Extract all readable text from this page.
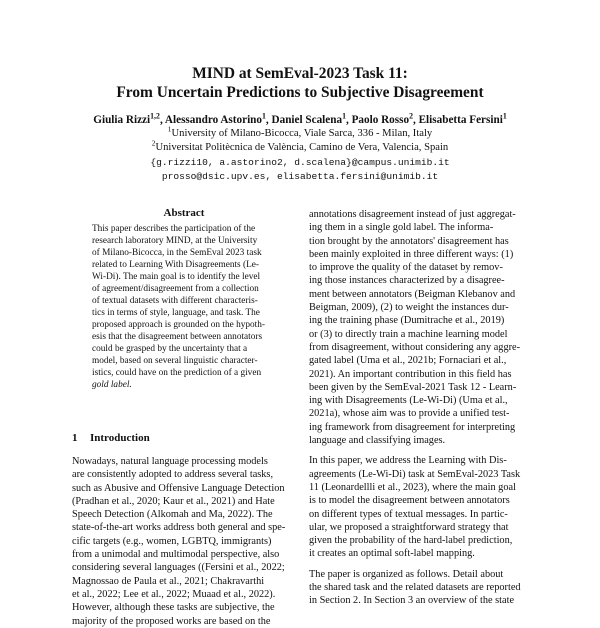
MIND at SemEval-2023 Task 11:
From Uncertain Predictions to Subjective Disagreement
Giulia Rizzi$^{1,2}$, Alessandro Astorino$^1$, Daniel Scalena$^1$, Paolo Rosso$^2$, Elisabetta Fersini$^1$
$^1$University of Milano-Bicocca, Viale Sarca, 336 - Milan, Italy
$^2$Universitat Politècnica de València, Camino de Vera, Valencia, Spain
{g.rizzi10, a.astorino2, d.scalena}@campus.unimib.it
prosso@dsic.upv.es, elisabetta.fersini@unimib.it
Abstract
This paper describes the participation of the
research laboratory MIND, at the University
of Milano-Bicocca, in the SemEval 2023 task
related to Learning With Disagreements (Le-
Wi-Di). The main goal is to identify the level
of agreement/disagreement from a collection
of textual datasets with different characteris-
tics in terms of style, language, and task. The
proposed approach is grounded on the hypoth-
esis that the disagreement between annotators
could be grasped by the uncertainty that a
model, based on several linguistic character-
istics, could have on the prediction of a given
gold label.
1 Introduction
Nowadays, natural language processing models
are consistently adopted to address several tasks,
such as Abusive and Offensive Language Detection
(Pradhan et al., 2020; Kaur et al., 2021) and Hate
Speech Detection (Alkomah and Ma, 2022). The
state-of-the-art works address both general and spe-
cific targets (e.g., women, LGBTQ, immigrants)
from a unimodal and multimodal perspective, also
considering several languages ((Fersini et al., 2022;
Magnossao de Paula et al., 2021; Chakravarthi
et al., 2022; Lee et al., 2022; Muaad et al., 2022).
However, although these tasks are subjective, the
majority of the proposed works are based on the
annotations disagreement instead of just aggregat-
ing them in a single gold label. The informa-
tion brought by the annotators' disagreement has
been mainly exploited in three different ways: (1)
to improve the quality of the dataset by remov-
ing those instances characterized by a disagree-
ment between annotators (Beigman Klebanov and
Beigman, 2009), (2) to weight the instances dur-
ing the training phase (Dumitrache et al., 2019)
or (3) to directly train a machine learning model
from disagreement, without considering any aggre-
gated label (Uma et al., 2021b; Fornaciari et al.,
2021). An important contribution in this field has
been given by the SemEval-2021 Task 12 - Learn-
ing with Disagreements (Le-Wi-Di) (Uma et al.,
2021a), whose aim was to provide a unified test-
ing framework from disagreement for interpreting
language and classifying images.
In this paper, we address the Learning with Dis-
agreements (Le-Wi-Di) task at SemEval-2023 Task
11 (Leonardellli et al., 2023), where the main goal
is to model the disagreement between annotators
on different types of textual messages. In partic-
ular, we proposed a straightforward strategy that
given the probability of the hard-label prediction,
it creates an optimal soft-label mapping.
The paper is organized as follows. Detail about
the shared task and the related datasets are reported
in Section 2. In Section 3 an overview of the state
